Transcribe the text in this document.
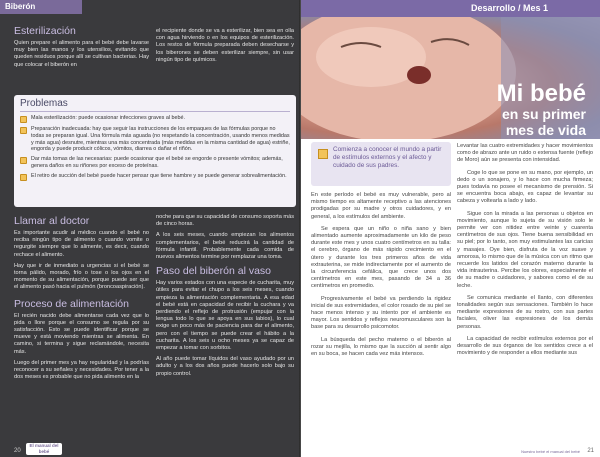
Biberón
Esterilización
Quien prepare el alimento para el bebé debe lavarse muy bien las manos y los utensilios, evitando que queden residuos porque allí se cultivan bacterias. Hay que colocar el biberón en
el recipiente donde se va a esterilizar, bien sea en olla con agua hirviendo o en los equipos de esterilización. Los restos de fórmula preparada deben desecharse y los biberones se deben esterilizar siempre, sin usar ningún tipo de químicos.
Problemas
Mala esterilización: puede ocasionar infecciones graves al bebé.
Preparación inadecuada: hay que seguir las instrucciones de los empaques de las fórmulas porque no todas se preparan igual. Una fórmula más aguada (no respetando la concentración, usando menos medidas y más agua) desnutre, mientras una más concentrada (más medidas en la misma cantidad de agua) estriñe, engorda y puede producir cólicos, vómitos, diarrea o dañar el riñón.
Dar más tomas de las necesarias: puede ocasionar que el bebé se engorde o presente vómitos; además, genera daños en su riñones por exceso de proteínas.
El retiro de succión del bebé puede hacer pensar que tiene hambre y se puede generar sobrealimentación.
Llamar al doctor

Es importante acudir al médico cuando el bebé no reciba ningún tipo de alimento o cuando vomite o regurgite siempre que lo alimente, es decir, cuando rechace el alimento.

Hay que ir de inmediato a urgencias si el bebé se torna pálido, morado, frío o tose o los ojos en el momento de su alimentación, porque puede ser que el alimento pasó hacia el pulmón (broncoaspiración).

Proceso de alimentación

El recién nacido debe alimentarse cada vez que lo pida o llore porque el consumo se regula por su satisfacción. Esto se puede identificar porque se mueve y está moviendo mientras se alimenta. En camino, si termina y sigue reclamándole, necesita más.

Luego del primer mes ya hay regularidad y la podrías reconocer a su señales y necesidades. Por tener a la dos meses es probable que no pida alimento en la

noche para que su capacidad de consumo soporta más de cinco horas.

A los seis meses, cuando empiezan los alimentos complementarios, el bebé reducirá la cantidad de fórmula infantil. Probablemente cada comida de nuevos alimentos termine por remplazar una toma.

Paso del biberón al vaso

Hay varios estados con una especie de cucharita, muy útiles para evitar el chupo a los seis meses, cuando empieza la alimentación complementaria. A esa edad el bebé está en capacidad de recibir la cuchara y va perdiendo el reflejo de protrusión (empujar con la lengua todo lo que se apoya en sus labios), lo cual exige un poco más de paciencia para dar el alimento, pero con el tiempo se puede crear el hábito a la cucharita. A los seis u ocho meses ya se capaz de empezar a tomar con sorbitos.

Al año puede tomar líquidos del vaso ayudado por un adulto y a los dos años puede hacerlo solo bajo su propio control.

20
El manual del bebé
Desarrollo / Mes 1
Mi bebé
en su primer
mes de vida
Comienza a conocer el mundo a partir de estímulos externos y el afecto y cuidado de sus padres.

En este período el bebé es muy vulnerable, pero al mismo tiempo es altamente receptivo a las atenciones prodigadas por su madre y otros cuidadores, y en general, a los estímulos del ambiente.

Se espera que un niño o niña sano y bien alimentado aumente aproximadamente un kilo de peso durante este mes y unos cuatro centímetros en su talla: el cerebro, órgano de más rápido crecimiento en el útero y durante los tres primeros años de vida extrauterina, se mide indirectamente por el aumento de la circunferencia cefálica, que crece unos dos centímetros en este mes, pasando de 34 a 36 centímetros en promedio.

Progresivamente el bebé va perdiendo la rigidez inicial de sus extremidades, el color rosado de su piel se hace menos intenso y su intento por el ambiente es mayor. Los sentidos y reflejos neuromusculares son la base para su desarrollo psicomotor.

La búsqueda del pecho materno o el biberón al rozar su mejilla, lo mismo que la succión al sentir algo en su boca, se hacen cada vez más intensos.

Levantar las cuatro extremidades y hacer movimientos como de abrazo ante un ruido o extensa fuente (reflejo de Moro) aún se presenta con intensidad.

Coge lo que se pone en su mano, por ejemplo, un dedo o un sonajero, y lo hace con mucha firmeza; pues todavía no posee el mecanismo de prensión. Si se encuentra boca abajo, es capaz de levantar su cabeza y voltearla a lado y lado.

Sigue con la mirada a las personas u objetos en movimiento, aunque lo sujeta de su visión solo le permite ver con nitidez entre veinte y cuarenta centímetros de sus ojos. Tiene buena sensibilidad en su piel; por lo tanto, son muy estimulantes las caricias y masajes. Oye bien, disfruta de la voz suave y amorosa, lo mismo que de la música con un ritmo que recuerde los latidos del corazón materno durante la vida intrauterina. Percibe los olores, especialmente el de su madre o cuidadores, y sabores como el de su leche.

Se comunica mediante el llanto, con diferentes tonalidades según sus sensaciones. También lo hace mediante expresiones de su rostro, con sus partes faciales, oliver las expresiones de los demás personas.

La capacidad de recibir estímulos externos por el desarrollo de sus órganos de los sentidos crece a el movimiento y de responder a ellos mediante sus

21
Nuestro bebé el manual del bebé
